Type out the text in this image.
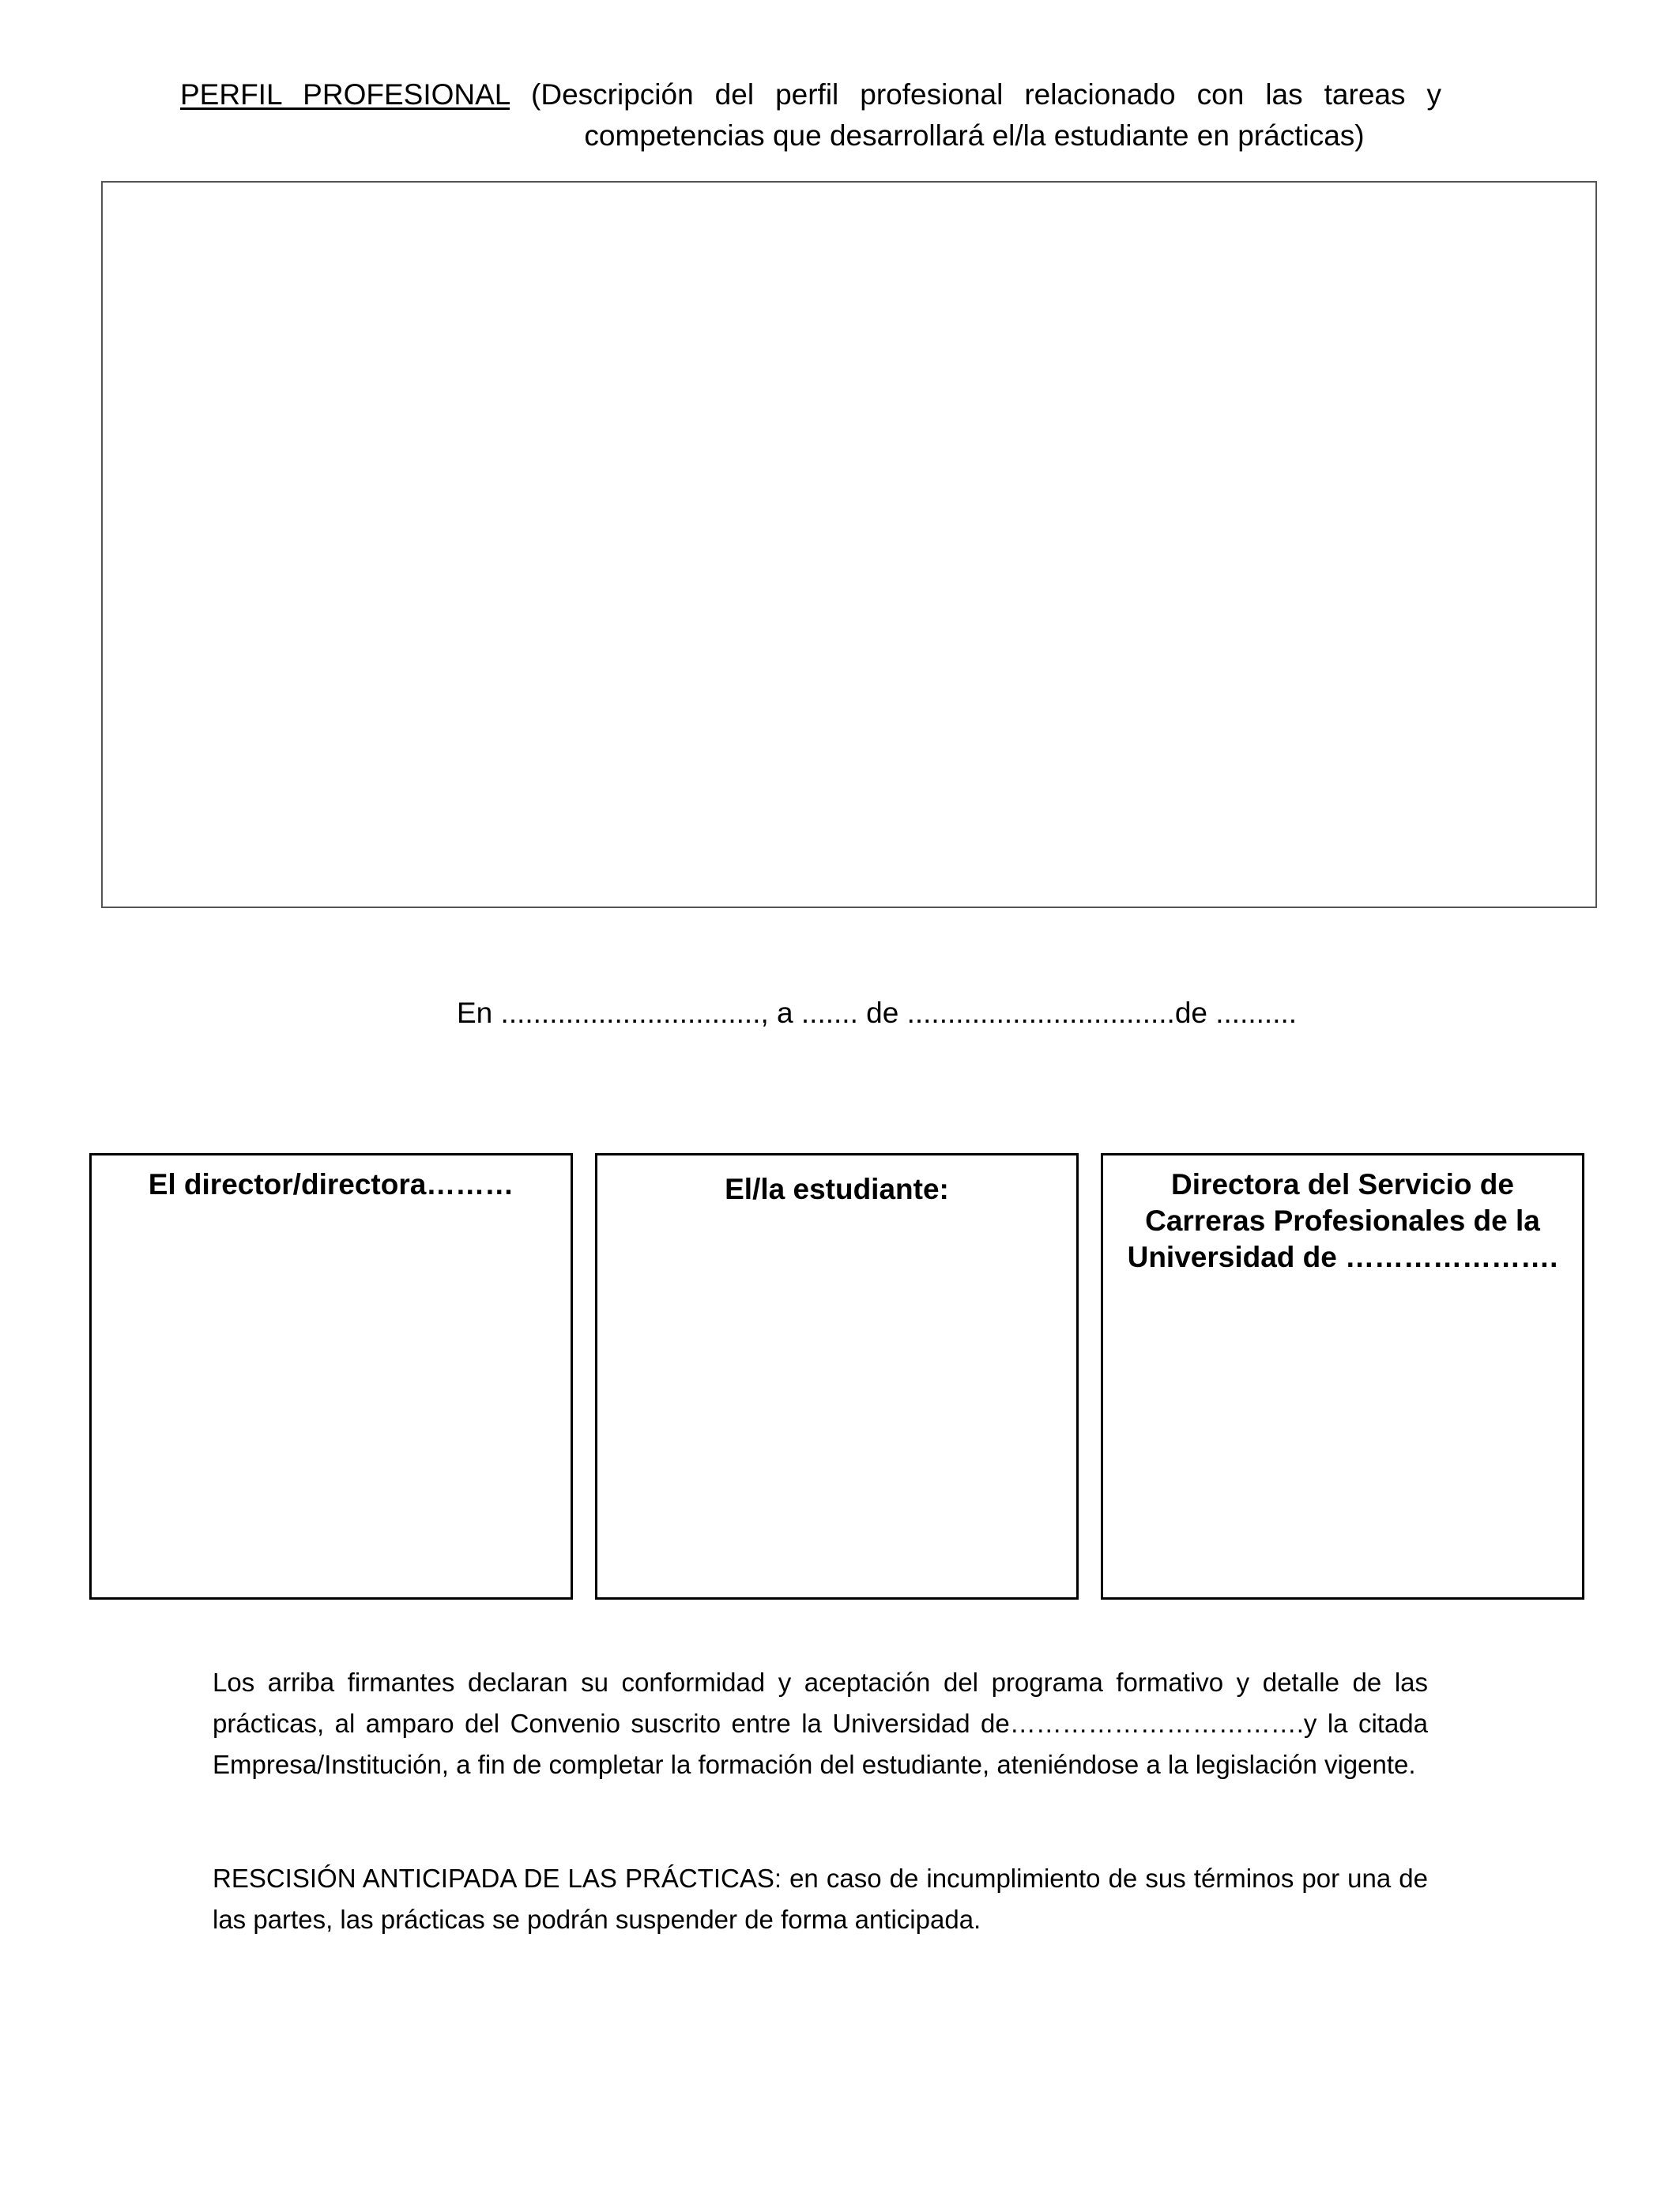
PERFIL PROFESIONAL (Descripción del perfil profesional relacionado con las tareas y
competencias que desarrollará el/la estudiante en prácticas)
En ................................, a ....... de .................................de ..........
El director/directora………	El/la estudiante:	Directora del Servicio de
Carreras Profesionales de la
Universidad de ………………….

Los arriba firmantes declaran su conformidad y aceptación del programa formativo y detalle de las prácticas, al amparo del Convenio suscrito entre la Universidad de…………………………….y la citada Empresa/Institución, a fin de completar la formación del estudiante, ateniéndose a la legislación vigente.

RESCISIÓN ANTICIPADA DE LAS PRÁCTICAS: en caso de incumplimiento de sus términos por una de las partes, las prácticas se podrán suspender de forma anticipada.
